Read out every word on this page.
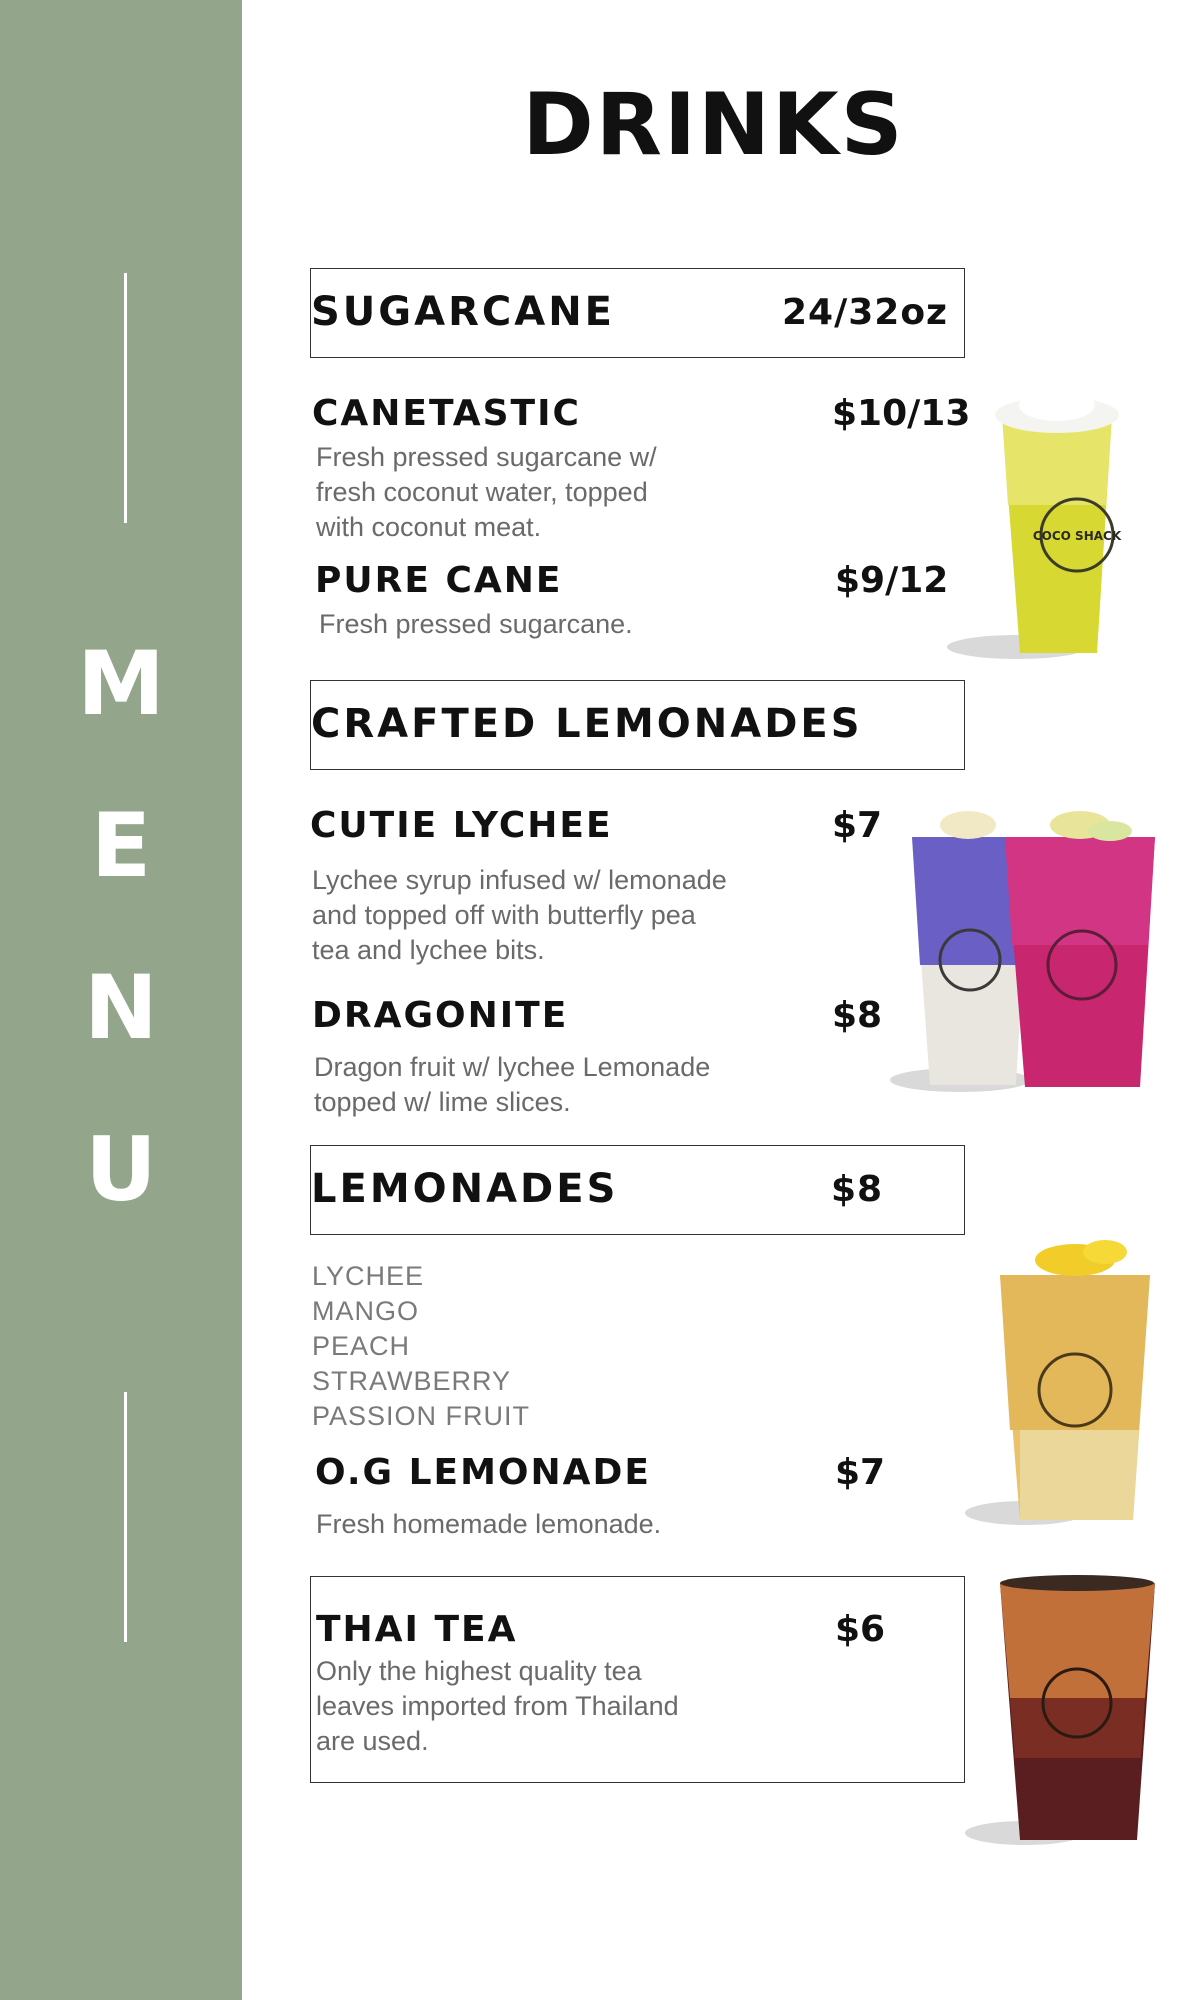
M
E
N
U
DRINKS
SUGARCANE	24/32oz
CANETASTIC	$10/13
Fresh pressed sugarcane w/
fresh coconut water, topped
with coconut meat.
PURE CANE	$9/12
Fresh pressed sugarcane.
COCO SHACK
CRAFTED LEMONADES
CUTIE LYCHEE	$7
Lychee syrup infused w/ lemonade
and topped off with butterfly pea
tea and lychee bits.
DRAGONITE	$8
Dragon fruit w/ lychee Lemonade
topped w/ lime slices.
LEMONADES	$8
LYCHEE
MANGO
PEACH
STRAWBERRY
PASSION FRUIT
O.G LEMONADE	$7
Fresh homemade lemonade.
THAI TEA	$6
Only the highest quality tea
leaves imported from Thailand
are used.
